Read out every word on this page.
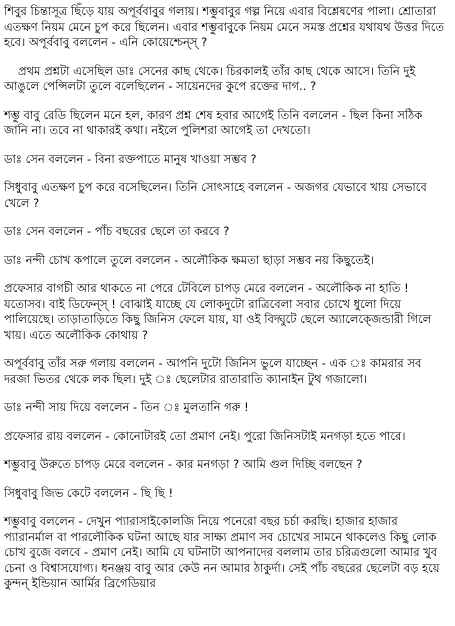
শিবুর চিন্তাসূত্র ছিঁড়ে যায় অপূর্ববাবুর গলায়। শম্ভুবাবুর গল্প নিয়ে এবার বিশ্লেষণের পালা। শ্রোতারা এতক্ষণ নিয়ম মেনে চুপ করে ছিলেন। এবার শম্ভুবাবুকে নিয়ম মেনে সমস্ত প্রশ্নের যথাযথ উত্তর দিতে হবে। অপূর্ববাবু বললেন - এনি কোয়েশ্চেন্‌স্‌ ?

প্রথম প্রশ্নটা এসেছিল ডাঃ সেনের কাছ থেকে। চিরকালই তাঁর কাছ থেকে আসে। তিনি দুই আঙুলে পেন্সিলটা তুলে বলেছিলেন - সায়েনদের কুপে রক্তের দাগ.. ?

শম্ভু বাবু রেডি ছিলেন মনে হল, কারণ প্রশ্ন শেষ হবার আগেই তিনি বললেন - ছিল কিনা সঠিক জানি না। তবে না থাকারই কথা। নইলে পুলিশরা আগেই তা দেখতো।

ডাঃ সেন বললেন - বিনা রক্তপাতে মানুষ খাওয়া সম্ভব ?

সিধুবাবু এতক্ষণ চুপ করে বসেছিলেন। তিনি সোৎসাহে বললেন - অজগর যেভাবে খায় সেভাবে খেলে ?

ডাঃ সেন বললেন - পাঁচ বছরের ছেলে তা করবে ?

ডাঃ নন্দী চোখ কপালে তুলে বললেন - অলৌকিক ক্ষমতা ছাড়া সম্ভব নয় কিছুতেই।

প্রফেসার বাগচী আর থাকতে না পেরে টেবিলে চাপড় মেরে বললেন - অলৌকিক না হাতি ! যতোসব। বাই ডিফেন্স্‌ ! বোঝাই যাচ্ছে যে লোকদুটো রাত্রিবেলা সবার চোখে ধুলো দিয়ে পালিয়েছে। তাড়াতাড়িতে কিছু জিনিস ফেলে যায়, যা ওই বিদ্ঘুটে ছেলে অ্যালেক্জেন্ডারী গিলে খায়। এতে অলৌকিক কোথায় ?

অপূর্ববাবু তাঁর সরু গলায় বললেন - আপনি দুটো জিনিস ভুলে যাচ্ছেন - এক ঃ কামরার সব দরজা ভিতর থেকে লক ছিল। দুই ঃ ছেলেটার রাতারাতি ক্যানাইন টুথ গজালো।

ডাঃ নন্দী সায় দিয়ে বললেন - তিন ঃ মুলতানি গরু !

প্রফেসার রায় বললেন - কোনোটারই তো প্রমাণ নেই। পুরো জিনিসটাই মনগড়া হতে পারে।

শম্ভুবাবু উরুতে চাপড় মেরে বললেন - কার মনগড়া ? আমি গুল দিচ্ছি বলছেন ?

সিধুবাবু জিভ কেটে বললেন - ছি ছি !

শম্ভুবাবু বললেন - দেখুন প্যারাসাইকোলজি নিয়ে পনেরো বছর চর্চা করছি। হাজার হাজার প্যারানর্মাল বা পারলৌকিক ঘটনা আছে যার সাক্ষ্য প্রমাণ সব চোখের সামনে থাকলেও কিছু লোক চোখ বুজে বলবে - প্রমাণ নেই। আমি যে ঘটনাটা আপনাদের বললাম তার চরিত্রগুলো আমার খুব চেনা ও বিশ্বাসযোগ্য। ধনঞ্জয় বাবু আর কেউ নন আমার ঠাকুর্দা। সেই পাঁচ বছরের ছেলেটা বড় হয়ে কুন্দন্‌ ইন্ডিয়ান আর্মির ব্রিগেডিয়ার
